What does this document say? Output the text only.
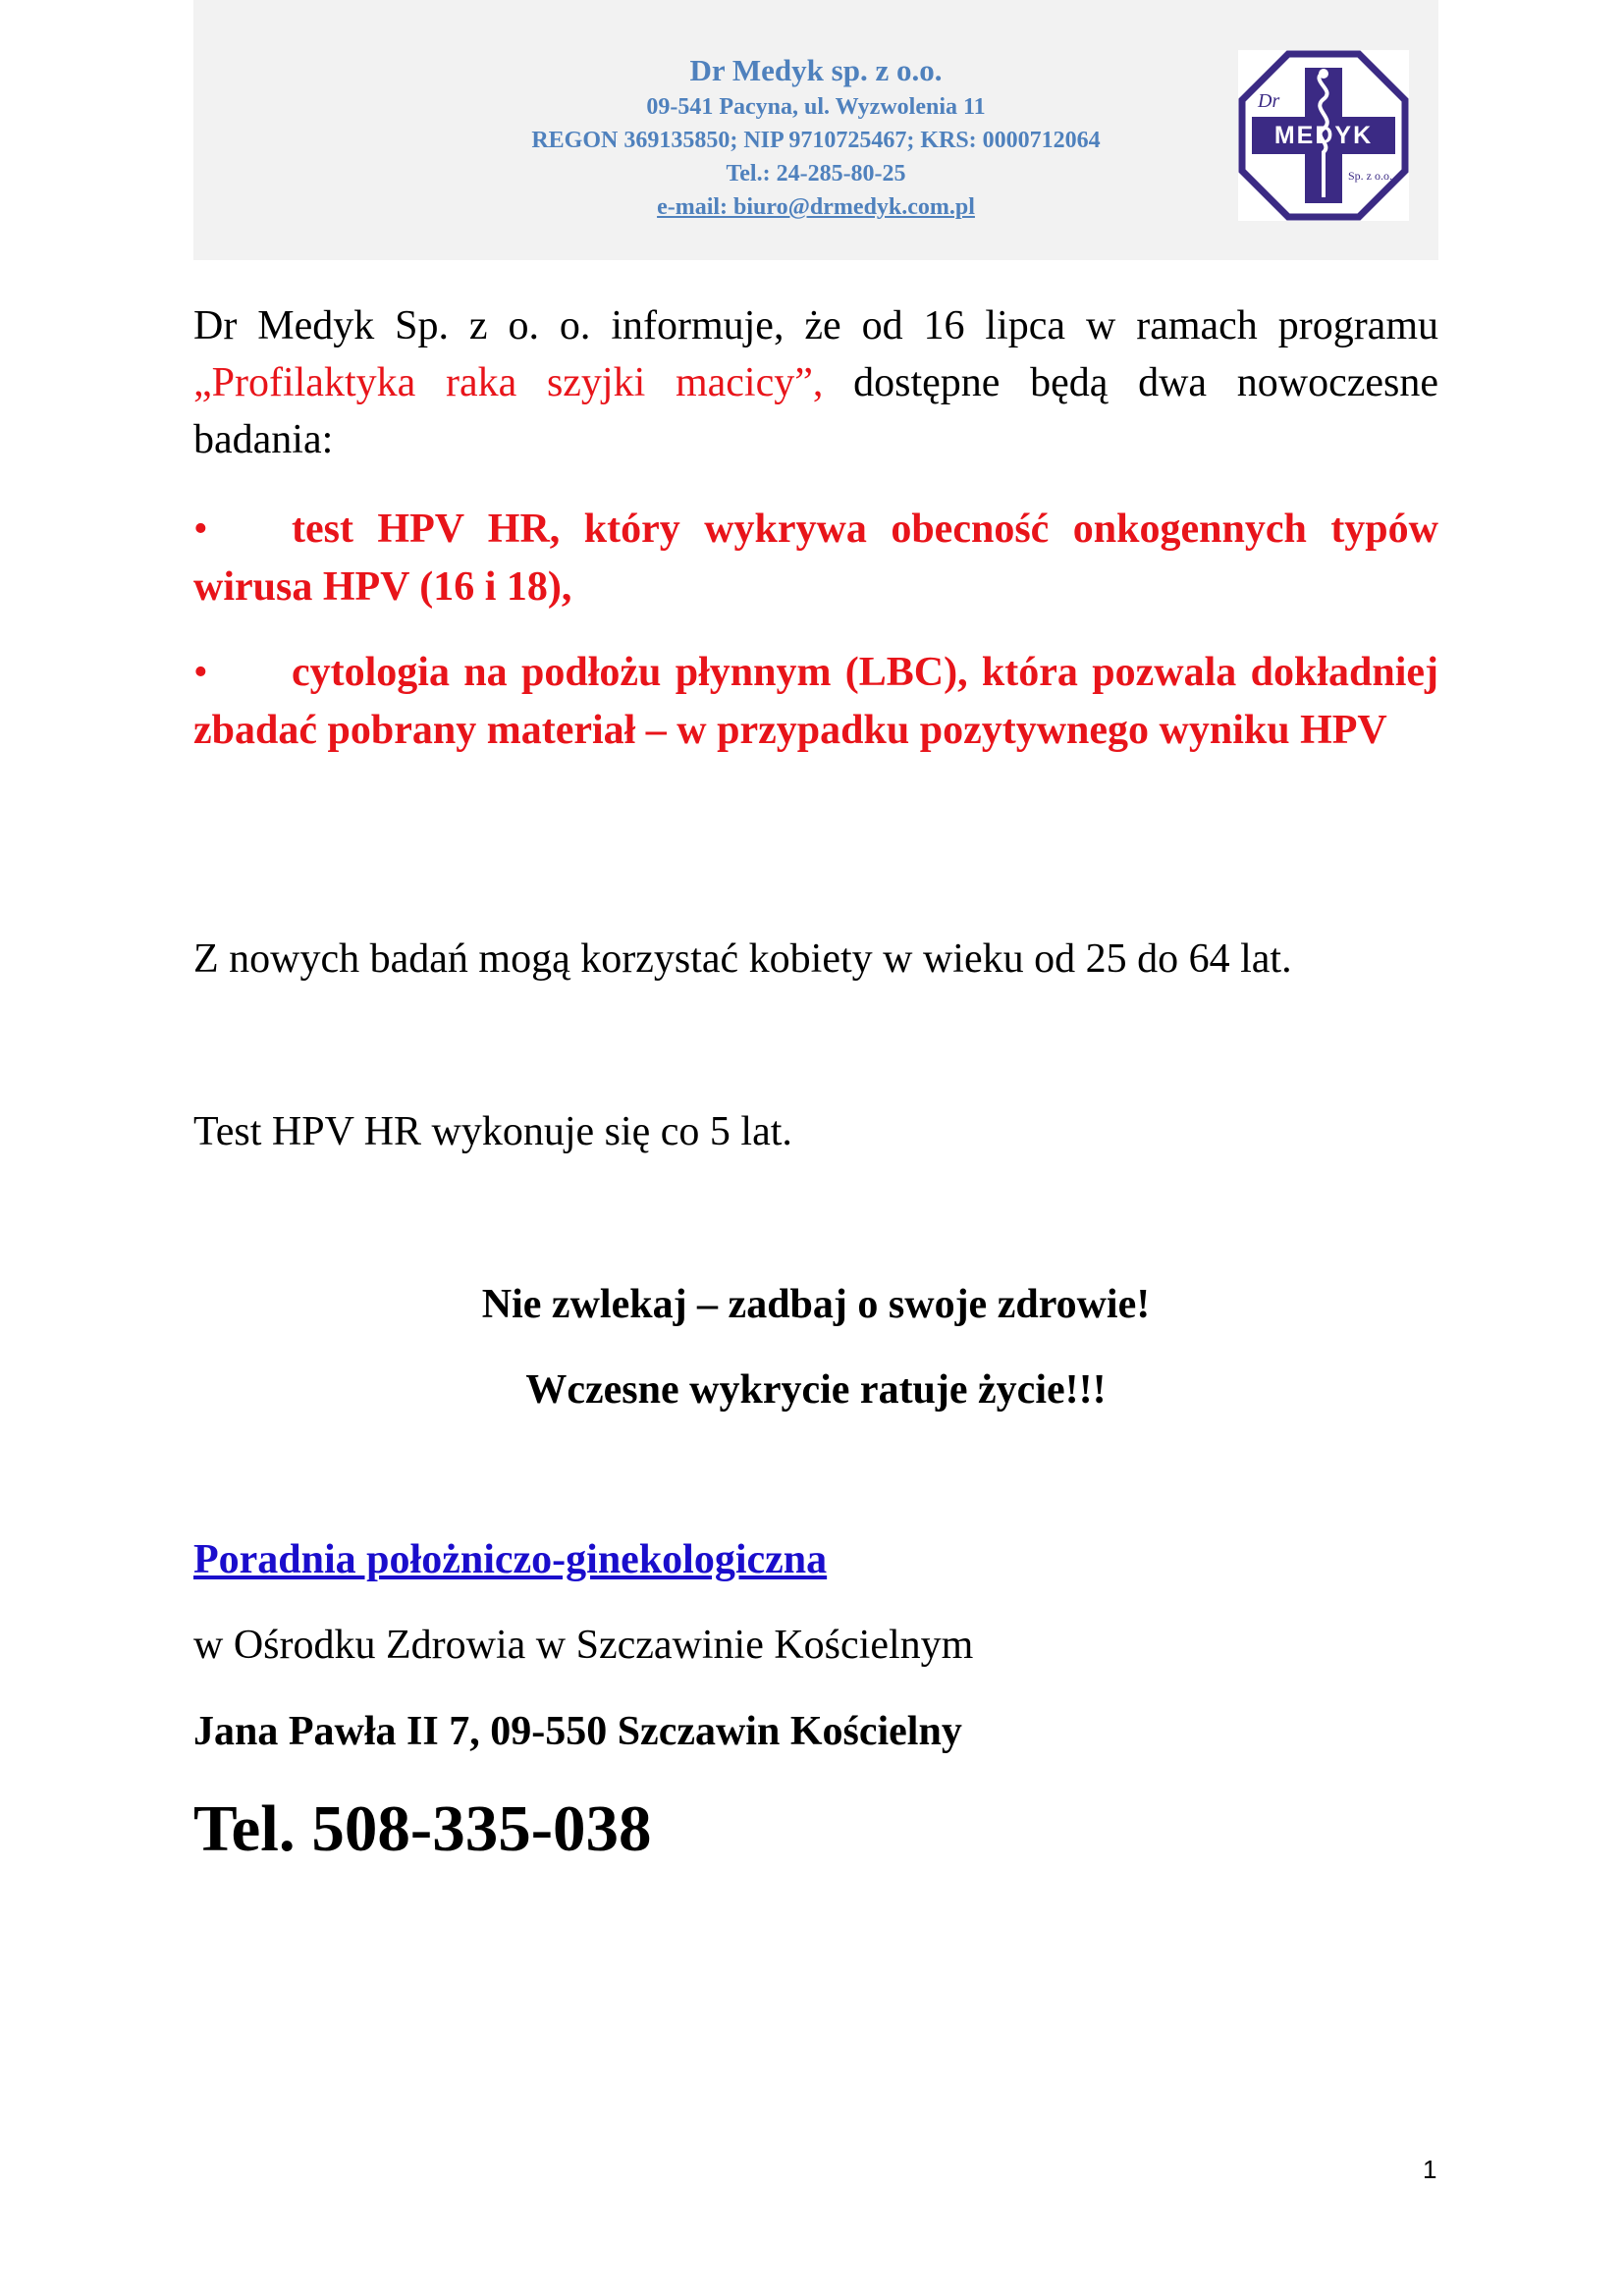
Dr Medyk sp. z o.o.
09-541 Pacyna, ul. Wyzwolenia 11
REGON 369135850; NIP 9710725467; KRS: 0000712064
Tel.: 24-285-80-25
e-mail: biuro@drmedyk.com.pl
Dr
MEDYK
Sp. z o.o.
Dr Medyk Sp. z o. o. informuje, że od 16 lipca w ramach programu „Profilaktyka raka szyjki macicy”, dostępne będą dwa nowoczesne badania:
• test HPV HR, który wykrywa obecność onkogennych typów wirusa HPV (16 i 18),
• cytologia na podłożu płynnym (LBC), która pozwala dokładniej zbadać pobrany materiał – w przypadku pozytywnego wyniku HPV
Z nowych badań mogą korzystać kobiety w wieku od 25 do 64 lat.
Test HPV HR wykonuje się co 5 lat.
Nie zwlekaj – zadbaj o swoje zdrowie!
Wczesne wykrycie ratuje życie!!!
Poradnia położniczo-ginekologiczna
w Ośrodku Zdrowia w Szczawinie Kościelnym
Jana Pawła II 7, 09-550 Szczawin Kościelny
Tel. 508-335-038
1
